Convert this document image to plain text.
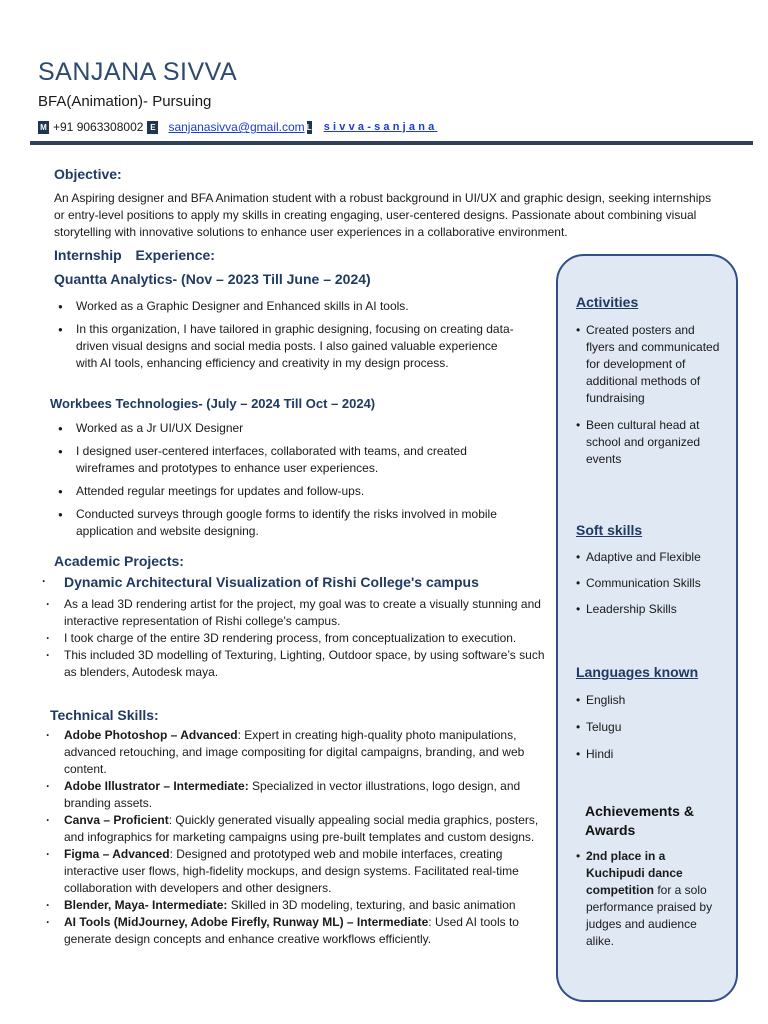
SANJANA SIVVA
BFA(Animation)- Pursuing
M +91 9063308002 E sanjanasivva@gmail.com L sivva-sanjana
Objective:

An Aspiring designer and BFA Animation student with a robust background in UI/UX and graphic design, seeking internships or entry-level positions to apply my skills in creating engaging, user-centered designs. Passionate about combining visual storytelling with innovative solutions to enhance user experiences in a collaborative environment.

Internship Experience:
Quantta Analytics- (Nov – 2023 Till June – 2024)
● Worked as a Graphic Designer and Enhanced skills in AI tools.
● In this organization, I have tailored in graphic designing, focusing on creating data-driven visual designs and social media posts. I also gained valuable experience with AI tools, enhancing efficiency and creativity in my design process.
Workbees Technologies- (July – 2024 Till Oct – 2024)
● Worked as a Jr UI/UX Designer
● I designed user-centered interfaces, collaborated with teams, and created wireframes and prototypes to enhance user experiences.
● Attended regular meetings for updates and follow-ups.
● Conducted surveys through google forms to identify the risks involved in mobile application and website designing.
Academic Projects:
· Dynamic Architectural Visualization of Rishi College's campus
· As a lead 3D rendering artist for the project, my goal was to create a visually stunning and interactive representation of Rishi college's campus.
· I took charge of the entire 3D rendering process, from conceptualization to execution.
· This included 3D modelling of Texturing, Lighting, Outdoor space, by using software’s such as blenders, Autodesk maya.
Technical Skills:
· Adobe Photoshop – Advanced: Expert in creating high-quality photo manipulations, advanced retouching, and image compositing for digital campaigns, branding, and web content.
· Adobe Illustrator – Intermediate: Specialized in vector illustrations, logo design, and branding assets.
· Canva – Proficient: Quickly generated visually appealing social media graphics, posters, and infographics for marketing campaigns using pre-built templates and custom designs.
· Figma – Advanced: Designed and prototyped web and mobile interfaces, creating interactive user flows, high-fidelity mockups, and design systems. Facilitated real-time collaboration with developers and other designers.
· Blender, Maya- Intermediate: Skilled in 3D modeling, texturing, and basic animation
· AI Tools (MidJourney, Adobe Firefly, Runway ML) – Intermediate: Used AI tools to generate design concepts and enhance creative workflows efficiently.
Activities
• Created posters and flyers and communicated for development of additional methods of fundraising
• Been cultural head at school and organized events
Soft skills
• Adaptive and Flexible
• Communication Skills
• Leadership Skills
Languages known
• English
• Telugu
• Hindi
Achievements & Awards
• 2nd place in a Kuchipudi dance competition for a solo performance praised by judges and audience alike.
